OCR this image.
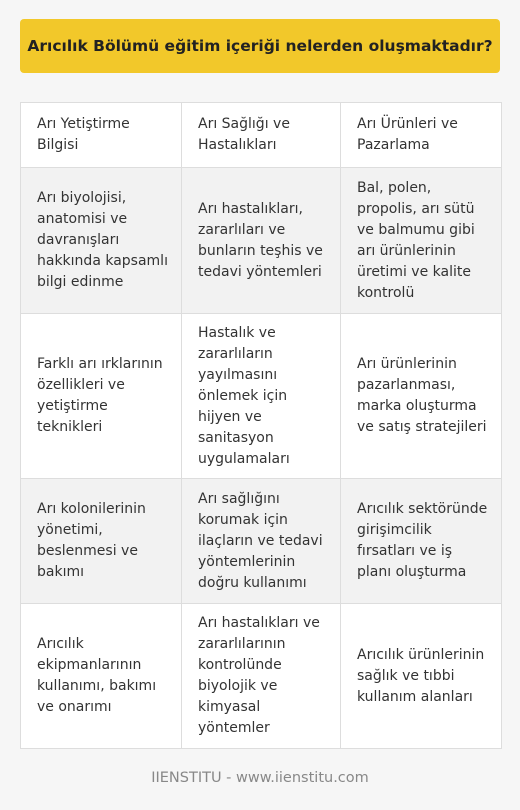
Arıcılık Bölümü eğitim içeriği nelerden oluşmaktadır?
Arı Yetiştirme Bilgisi
Arı Sağlığı ve Hastalıkları
Arı Ürünleri ve Pazarlama
Arı biyolojisi, anatomisi ve davranışları hakkında kapsamlı bilgi edinme
Arı hastalıkları, zararlıları ve bunların teşhis ve tedavi yöntemleri
Bal, polen, propolis, arı sütü ve balmumu gibi arı ürünlerinin üretimi ve kalite kontrolü
Farklı arı ırklarının özellikleri ve yetiştirme teknikleri
Hastalık ve zararlıların yayılmasını önlemek için hijyen ve sanitasyon uygulamaları
Arı ürünlerinin pazarlanması, marka oluşturma ve satış stratejileri
Arı kolonilerinin yönetimi, beslenmesi ve bakımı
Arı sağlığını korumak için ilaçların ve tedavi yöntemlerinin doğru kullanımı
Arıcılık sektöründe girişimcilik fırsatları ve iş planı oluşturma
Arıcılık ekipmanlarının kullanımı, bakımı ve onarımı
Arı hastalıkları ve zararlılarının kontrolünde biyolojik ve kimyasal yöntemler
Arıcılık ürünlerinin sağlık ve tıbbi kullanım alanları
IIENSTITU - www.iienstitu.com
